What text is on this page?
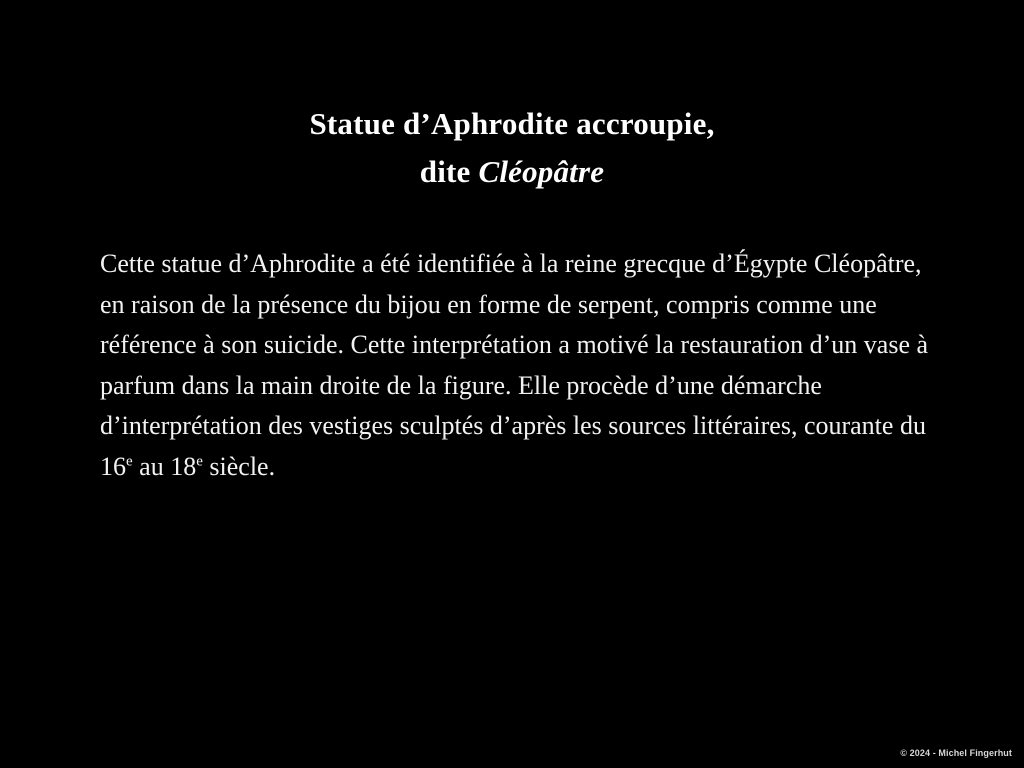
Statue d’Aphrodite accroupie,
dite Cléopâtre

Cette statue d’Aphrodite a été identifiée à la reine grecque d’Égypte Cléopâtre, en raison de la présence du bijou en forme de serpent, compris comme une référence à son suicide. Cette interprétation a motivé la restauration d’un vase à parfum dans la main droite de la figure. Elle procède d’une démarche d’interprétation des vestiges sculptés d’après les sources littéraires, courante du 16e au 18e siècle.

© 2024 - Michel Fingerhut
